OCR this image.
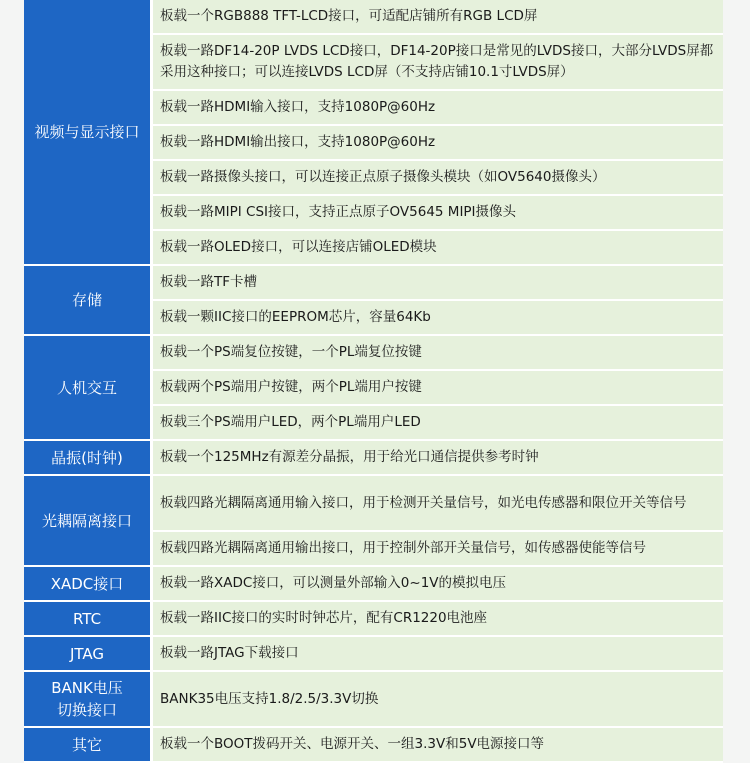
视频与显示接口	板载一个RGB888 TFT-LCD接口，可适配店铺所有RGB LCD屏
	板载一路DF14-20P LVDS LCD接口，DF14-20P接口是常见的LVDS接口，大部分LVDS屏都采用这种接口；可以连接LVDS LCD屏（不支持店铺10.1寸LVDS屏）
	板载一路HDMI输入接口，支持1080P@60Hz
	板载一路HDMI输出接口，支持1080P@60Hz
	板载一路摄像头接口，可以连接正点原子摄像头模块（如OV5640摄像头）
	板载一路MIPI CSI接口，支持正点原子OV5645 MIPI摄像头
	板载一路OLED接口，可以连接店铺OLED模块
存储	板载一路TF卡槽
	板载一颗IIC接口的EEPROM芯片，容量64Kb
人机交互	板载一个PS端复位按键，一个PL端复位按键
	板载两个PS端用户按键，两个PL端用户按键
	板载三个PS端用户LED，两个PL端用户LED
晶振(时钟)	板载一个125MHz有源差分晶振，用于给光口通信提供参考时钟
光耦隔离接口	板载四路光耦隔离通用输入接口，用于检测开关量信号，如光电传感器和限位开关等信号
	板载四路光耦隔离通用输出接口，用于控制外部开关量信号，如传感器使能等信号
XADC接口	板载一路XADC接口，可以测量外部输入0~1V的模拟电压
RTC	板载一路IIC接口的实时时钟芯片，配有CR1220电池座
JTAG	板载一路JTAG下载接口
BANK电压
切换接口	BANK35电压支持1.8/2.5/3.3V切换
其它	板载一个BOOT拨码开关、电源开关、一组3.3V和5V电源接口等
